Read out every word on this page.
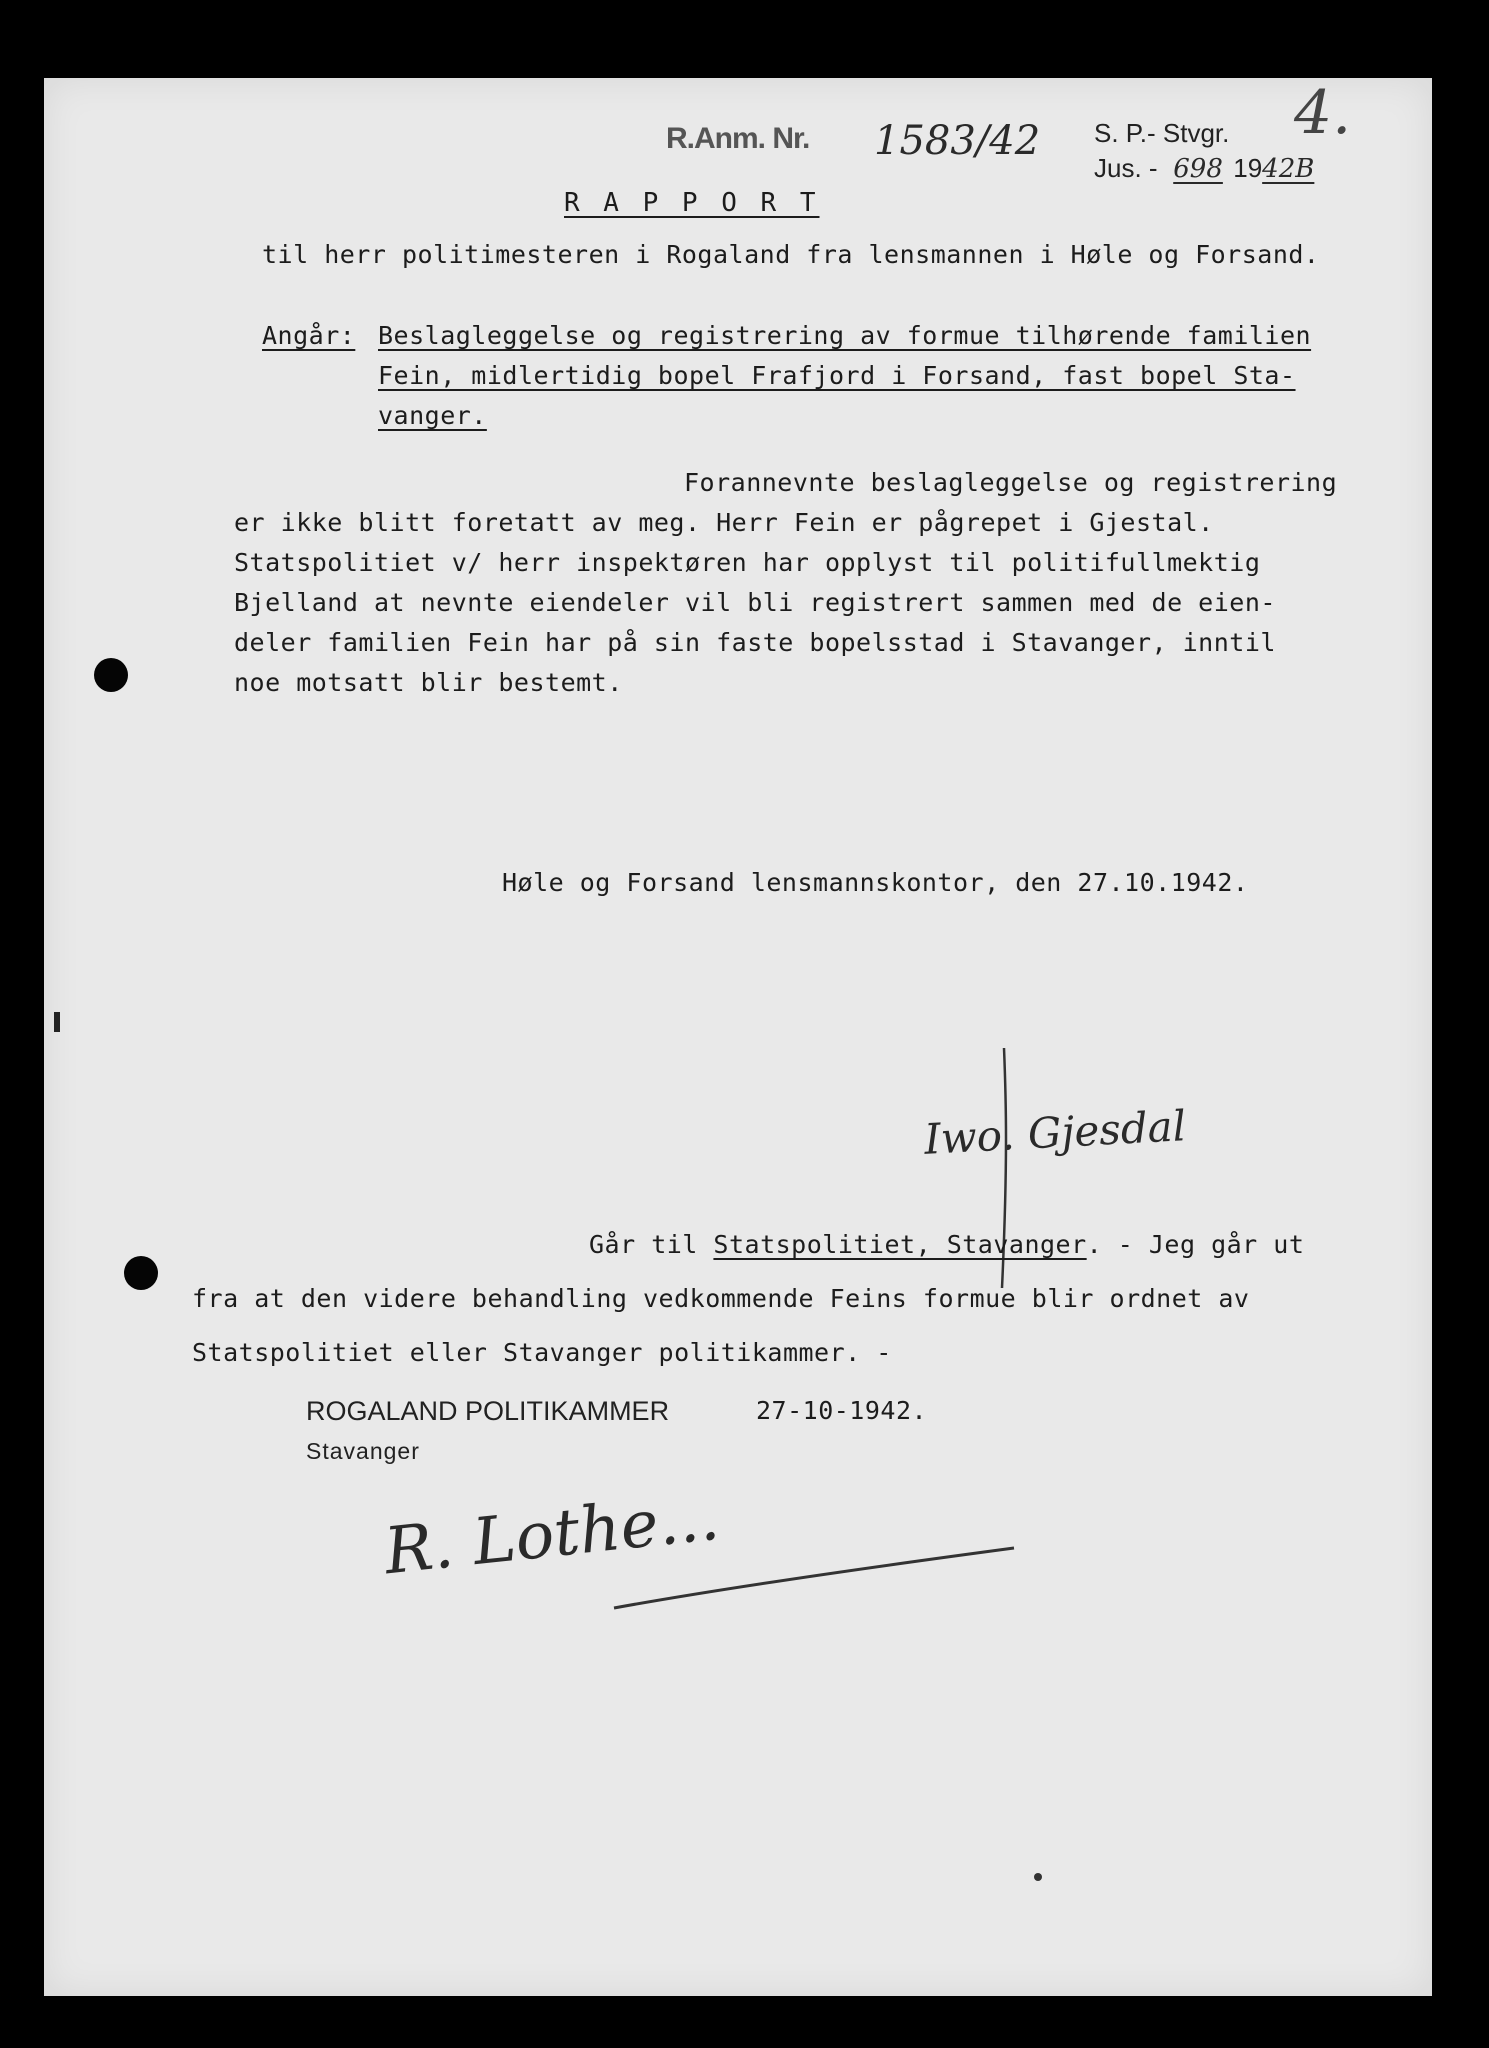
R.Anm. Nr. 1583/42 S. P.- Stvgr.
Jus. - 698 1942B
4.
R A P P O R T
til herr politimesteren i Rogaland fra lensmannen i Høle og Forsand.
Angår: Beslagleggelse og registrering av formue tilhørende familien
Fein, midlertidig bopel Frafjord i Forsand, fast bopel Sta-
vanger.
Forannevnte beslagleggelse og registrering
er ikke blitt foretatt av meg. Herr Fein er pågrepet i Gjestal.
Statspolitiet v/ herr inspektøren har opplyst til politifullmektig
Bjelland at nevnte eiendeler vil bli registrert sammen med de eien-
deler familien Fein har på sin faste bopelsstad i Stavanger, inntil
noe motsatt blir bestemt.
Høle og Forsand lensmannskontor, den 27.10.1942.
Iwo. Gjesdal
Går til Statspolitiet, Stavanger. - Jeg går ut
fra at den videre behandling vedkommende Feins formue blir ordnet av
Statspolitiet eller Stavanger politikammer. -
ROGALAND POLITIKAMMER
Stavanger
27-10-1942.
R. Lothe...
